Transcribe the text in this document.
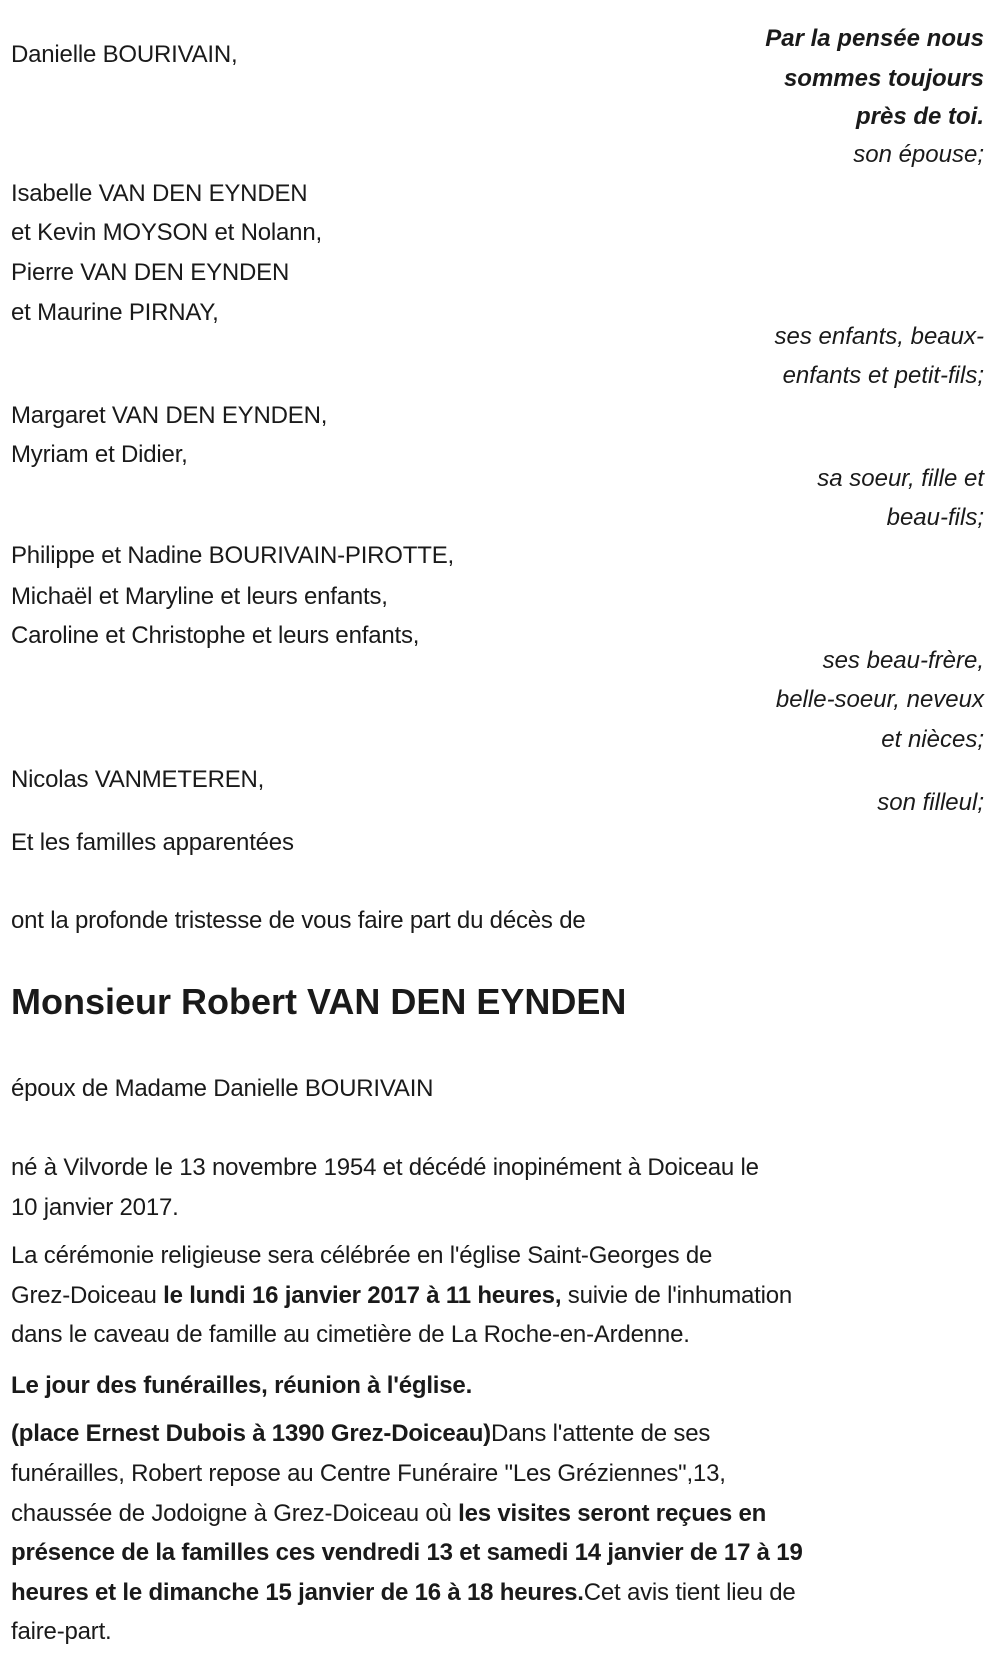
Monsieur Robert VAN DEN EYNDEN
Danielle BOURIVAIN,
Isabelle VAN DEN EYNDEN
et Kevin MOYSON et Nolann,
Pierre VAN DEN EYNDEN
et Maurine PIRNAY,
Margaret VAN DEN EYNDEN,
Myriam et Didier,
Philippe et Nadine BOURIVAIN-PIROTTE,
Michaël et Maryline et leurs enfants,
Caroline et Christophe et leurs enfants,
Nicolas VANMETEREN,
Et les familles apparentées
ont la profonde tristesse de vous faire part du décès de
époux de Madame Danielle BOURIVAIN
né à Vilvorde le 13 novembre 1954 et décédé inopinément à Doiceau le
10 janvier 2017.
La cérémonie religieuse sera célébrée en l'église Saint-Georges de
Grez-Doiceau le lundi 16 janvier 2017 à 11 heures, suivie de l'inhumation
dans le caveau de famille au cimetière de La Roche-en-Ardenne.
Le jour des funérailles, réunion à l'église.
(place Ernest Dubois à 1390 Grez-Doiceau)Dans l'attente de ses
funérailles, Robert repose au Centre Funéraire "Les Gréziennes",13,
chaussée de Jodoigne à Grez-Doiceau où les visites seront reçues en
présence de la familles ces vendredi 13 et samedi 14 janvier de 17 à 19
heures et le dimanche 15 janvier de 16 à 18 heures.Cet avis tient lieu de
faire-part.
Par la pensée nous
sommes toujours
près de toi.
son épouse;
ses enfants, beaux-
enfants et petit-fils;
sa soeur, fille et
beau-fils;
ses beau-frère,
belle-soeur, neveux
et nièces;
son filleul;
